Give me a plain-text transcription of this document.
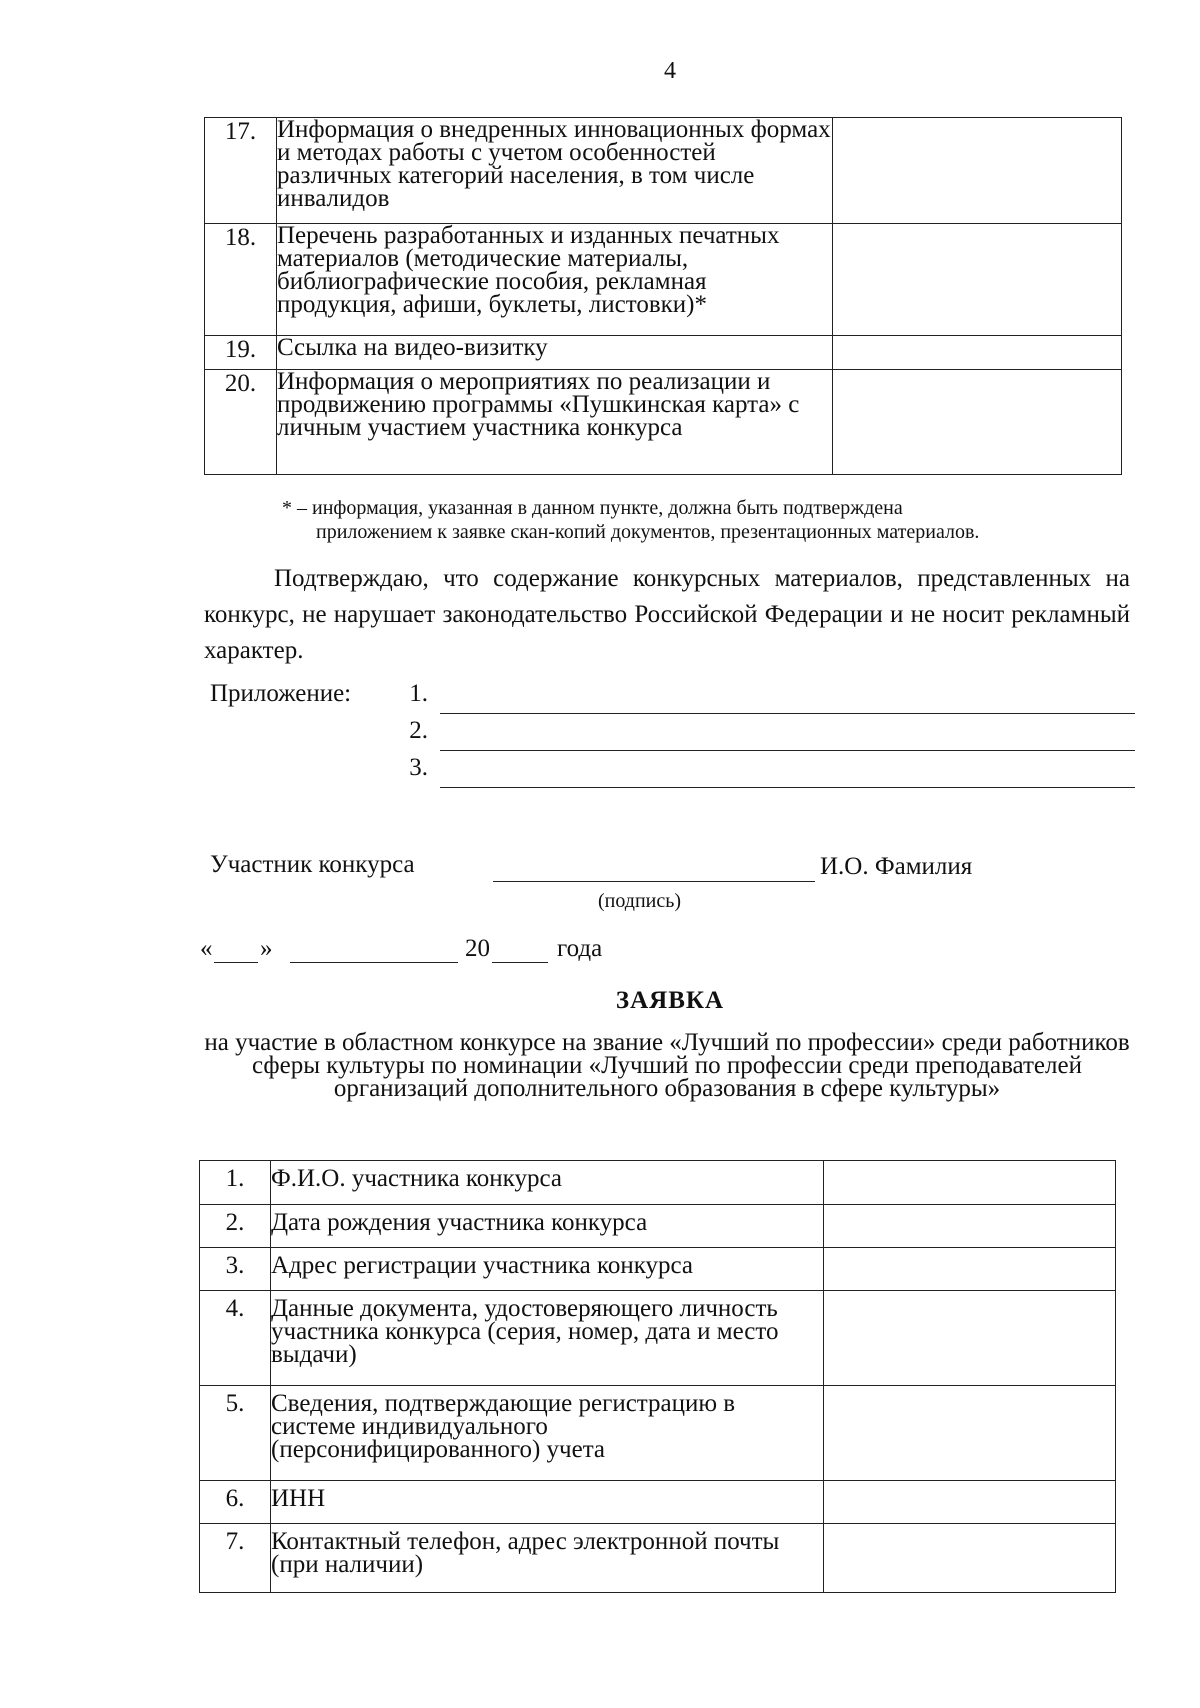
4
17.	Информация о внедренных инновационных формах и методах работы с учетом особенностей различных категорий населения, в том числе инвалидов	
18.	Перечень разработанных и изданных печатных материалов (методические материалы, библиографические пособия, рекламная продукция, афиши, буклеты, листовки)*	
19.	Ссылка на видео-визитку	
20.	Информация о мероприятиях по реализации и продвижению программы «Пушкинская карта» с личным участием участника конкурса	
* – информация, указанная в данном пункте, должна быть подтверждена
приложением к заявке скан-копий документов, презентационных материалов.
Подтверждаю, что содержание конкурсных материалов, представленных на конкурс, не нарушает законодательство Российской Федерации и не носит рекламный характер.
Приложение:	1.
2.
3.
Участник конкурса	И.О. Фамилия
(подпись)
« »	20	года
ЗАЯВКА
на участие в областном конкурсе на звание «Лучший по профессии» среди работников сферы культуры по номинации «Лучший по профессии среди преподавателей организаций дополнительного образования в сфере культуры»
1.	Ф.И.О. участника конкурса	
2.	Дата рождения участника конкурса	
3.	Адрес регистрации участника конкурса	
4.	Данные документа, удостоверяющего личность участника конкурса (серия, номер, дата и место выдачи)	
5.	Сведения, подтверждающие регистрацию в системе индивидуального (персонифицированного) учета	
6.	ИНН	
7.	Контактный телефон, адрес электронной почты (при наличии)	
